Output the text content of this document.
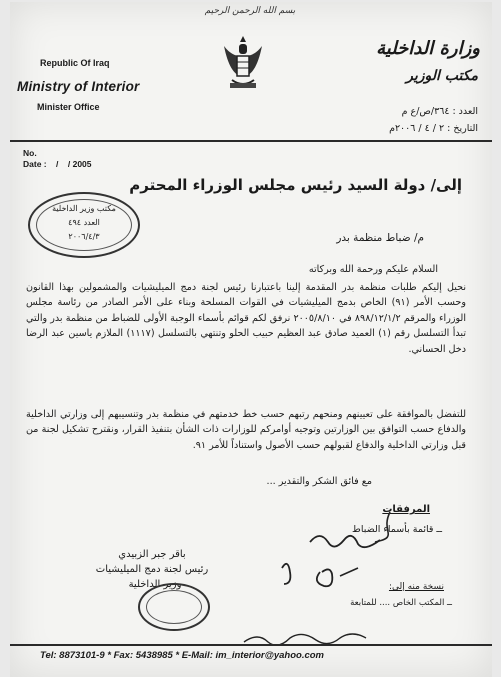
بسم الله الرحمن الرحيم
Republic Of Iraq
Ministry of Interior
Minister Office
وزارة الداخلية
مكتب الوزير
العدد : ٣٦٤/ص/ع م
التاريخ : ٢ / ٤ / ٢٠٠٦م
No.
Date :    /    / 2005
إلى/ دولة السيد رئيس مجلس الوزراء المحترم
مكتب وزير الداخلية
العدد ٤٩٤
٢٠٠٦/٤/٣	م/ ضباط منظمة بدر
السلام عليكم ورحمة الله وبركاته
نحيل إليكم طلبات منظمة بدر المقدمة إلينا باعتبارنا رئيس لجنة دمج الميليشيات والمشمولين بهذا القانون وحسب الأمر (٩١) الخاص بدمج الميليشيات في القوات المسلحة وبناء على الأمر الصادر من رئاسة مجلس الوزراء والمرقم ٨٩٨/١٢/١/٢ في ٢٠٠٥/٨/١٠ نرفق لكم قوائم بأسماء الوجبة الأولى للضباط من منظمة بدر والتي تبدأ التسلسل رقم (١) العميد صادق عبد العظيم حبيب الحلو وتنتهي بالتسلسل (١١١٧) الملازم ياسين عبد الرضا دخل الحساني.
للتفضل بالموافقة على تعيينهم ومنحهم رتبهم حسب خط خدمتهم في منظمة بدر وتنسيبهم إلى وزارتي الداخلية والدفاع حسب التوافق بين الوزارتين وتوجيه أوامركم للوزارات ذات الشأن بتنفيذ القرار، ونقترح تشكيل لجنة من قبل وزارتي الداخلية والدفاع لقبولهم حسب الأصول واستناداً للأمر ٩١.
مع فائق الشكر والتقدير ...
المرفقات
ــ قائمة بأسماء الضباط
باقر جبر الزبيدي
رئيس لجنة دمج الميليشيات
وزير الداخلية	نسخة منه إلى:
ــ المكتب الخاص .... للمتابعة
Tel: 8873101-9 * Fax: 5438985 * E-Mail: im_interior@yahoo.com
